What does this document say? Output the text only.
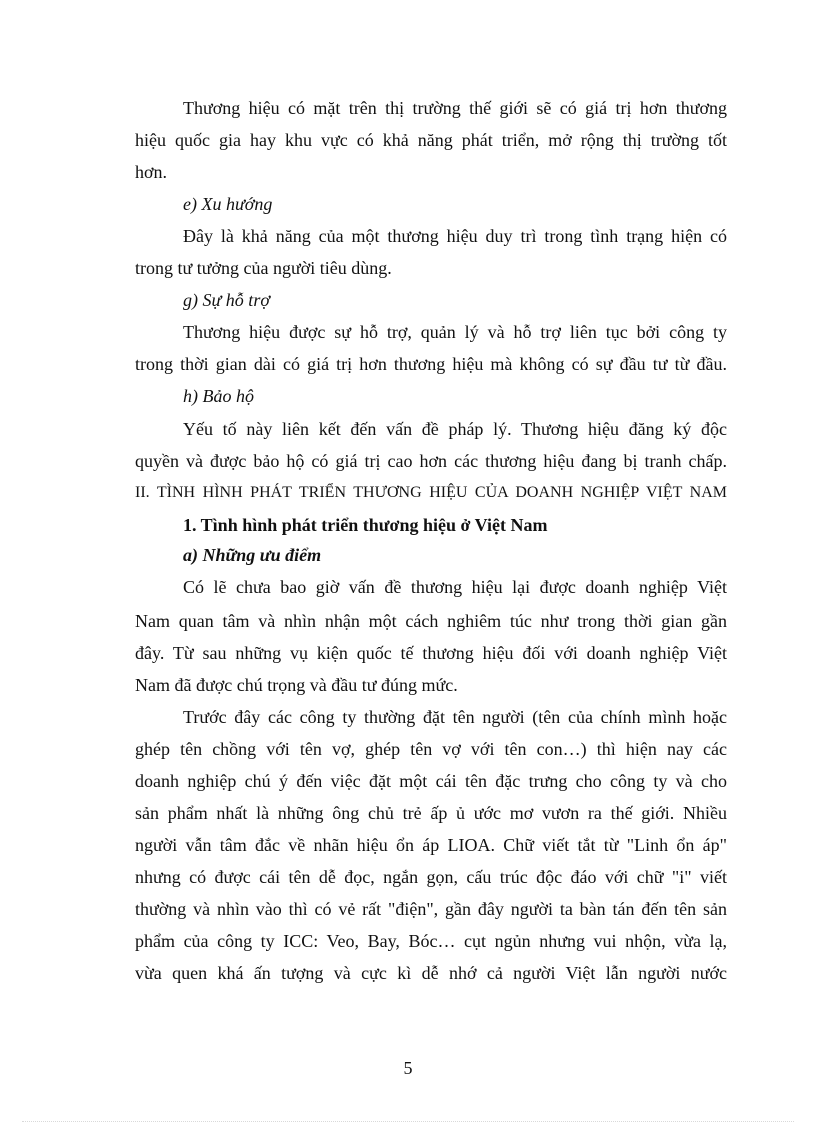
Thương hiệu có mặt trên thị trường thế giới sẽ có giá trị hơn thương
hiệu quốc gia hay khu vực có khả năng phát triển, mở rộng thị trường tốt
hơn.
e) Xu hướng
Đây là khả năng của một thương hiệu duy trì trong tình trạng hiện có
trong tư tưởng của người tiêu dùng.
g) Sự hỗ trợ
Thương hiệu được sự hỗ trợ, quản lý và hỗ trợ liên tục bởi công ty
trong thời gian dài có giá trị hơn thương hiệu mà không có sự đầu tư từ đầu.
h) Bảo hộ
Yếu tố này liên kết đến vấn đề pháp lý. Thương hiệu đăng ký độc
quyền và được bảo hộ có giá trị cao hơn các thương hiệu đang bị tranh chấp.
II. TÌNH HÌNH PHÁT TRIỂN THƯƠNG HIỆU CỦA DOANH NGHIỆP VIỆT NAM
1. Tình hình phát triển thương hiệu ở Việt Nam
a) Những ưu điểm
Có lẽ chưa bao giờ vấn đề thương hiệu lại được doanh nghiệp Việt
Nam quan tâm và nhìn nhận một cách nghiêm túc như trong thời gian gần
đây. Từ sau những vụ kiện quốc tế thương hiệu đối với doanh nghiệp Việt
Nam đã được chú trọng và đầu tư đúng mức.
Trước đây các công ty thường đặt tên người (tên của chính mình hoặc
ghép tên chồng với tên vợ, ghép tên vợ với tên con…) thì hiện nay các
doanh nghiệp chú ý đến việc đặt một cái tên đặc trưng cho công ty và cho
sản phẩm nhất là những ông chủ trẻ ấp ủ ước mơ vươn ra thế giới. Nhiều
người vẫn tâm đắc về nhãn hiệu ổn áp LIOA. Chữ viết tắt từ "Linh ổn áp"
nhưng có được cái tên dễ đọc, ngắn gọn, cấu trúc độc đáo với chữ "i" viết
thường và nhìn vào thì có vẻ rất "điện", gần đây người ta bàn tán đến tên sản
phẩm của công ty ICC: Veo, Bay, Bóc… cụt ngủn nhưng vui nhộn, vừa lạ,
vừa quen khá ấn tượng và cực kì dễ nhớ cả người Việt lẫn người nước
5
